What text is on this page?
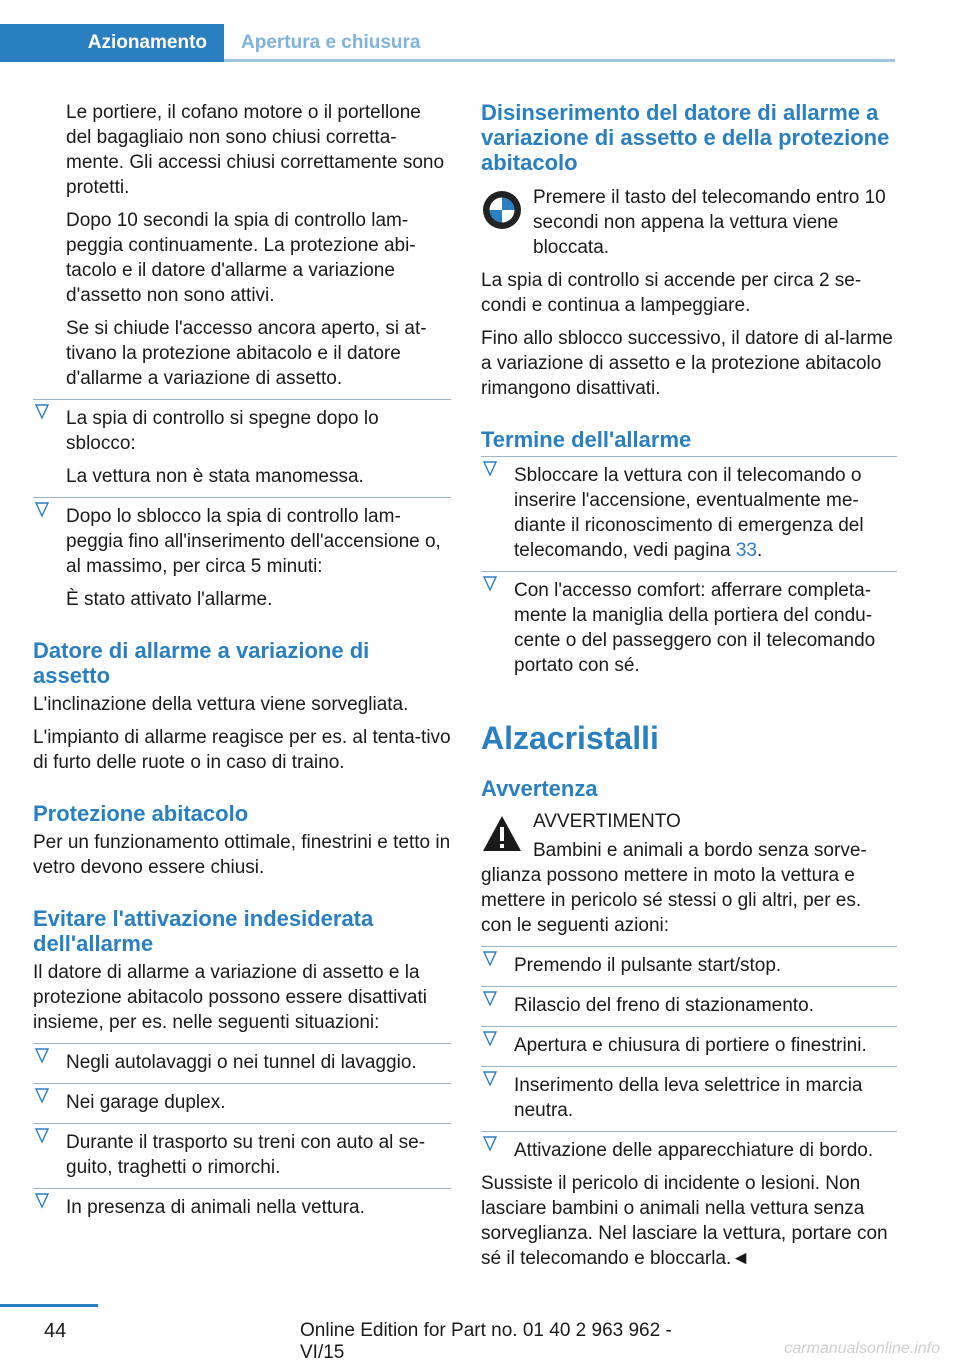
Azionamento	Apertura e chiusura

Le portiere, il cofano motore o il portellone del bagagliaio non sono chiusi corretta-mente. Gli accessi chiusi correttamente sono protetti.

Dopo 10 secondi la spia di controllo lam-peggia continuamente. La protezione abi-tacolo e il datore d'allarme a variazione d'assetto non sono attivi.

Se si chiude l'accesso ancora aperto, si at-tivano la protezione abitacolo e il datore d'allarme a variazione di assetto.

La spia di controllo si spegne dopo lo sblocco:

La vettura non è stata manomessa.

Dopo lo sblocco la spia di controllo lam-peggia fino all'inserimento dell'accensione o, al massimo, per circa 5 minuti:

È stato attivato l'allarme.

Datore di allarme a variazione di assetto

L'inclinazione della vettura viene sorvegliata.

L'impianto di allarme reagisce per es. al tenta-tivo di furto delle ruote o in caso di traino.

Protezione abitacolo

Per un funzionamento ottimale, finestrini e tetto in vetro devono essere chiusi.

Evitare l'attivazione indesiderata dell'allarme

Il datore di allarme a variazione di assetto e la protezione abitacolo possono essere disattivati insieme, per es. nelle seguenti situazioni:

Negli autolavaggi o nei tunnel di lavaggio.

Nei garage duplex.

Durante il trasporto su treni con auto al se-guito, traghetti o rimorchi.

In presenza di animali nella vettura.

Disinserimento del datore di allarme a variazione di assetto e della protezione abitacolo

Premere il tasto del telecomando entro 10 secondi non appena la vettura viene bloccata.

La spia di controllo si accende per circa 2 se-condi e continua a lampeggiare.

Fino allo sblocco successivo, il datore di al-larme a variazione di assetto e la protezione abitacolo rimangono disattivati.

Termine dell'allarme

Sbloccare la vettura con il telecomando o inserire l'accensione, eventualmente me-diante il riconoscimento di emergenza del telecomando, vedi pagina 33.

Con l'accesso comfort: afferrare completa-mente la maniglia della portiera del condu-cente o del passeggero con il telecomando portato con sé.

Alzacristalli
Avvertenza

AVVERTIMENTO

Bambini e animali a bordo senza sorve-glianza possono mettere in moto la vettura e mettere in pericolo sé stessi o gli altri, per es. con le seguenti azioni:

Premendo il pulsante start/stop.

Rilascio del freno di stazionamento.

Apertura e chiusura di portiere o finestrini.

Inserimento della leva selettrice in marcia neutra.

Attivazione delle apparecchiature di bordo.

Sussiste il pericolo di incidente o lesioni. Non lasciare bambini o animali nella vettura senza sorveglianza. Nel lasciare la vettura, portare con sé il telecomando e bloccarla.◄

44	Online Edition for Part no. 01 40 2 963 962 - VI/15	carmanualsonline.info
